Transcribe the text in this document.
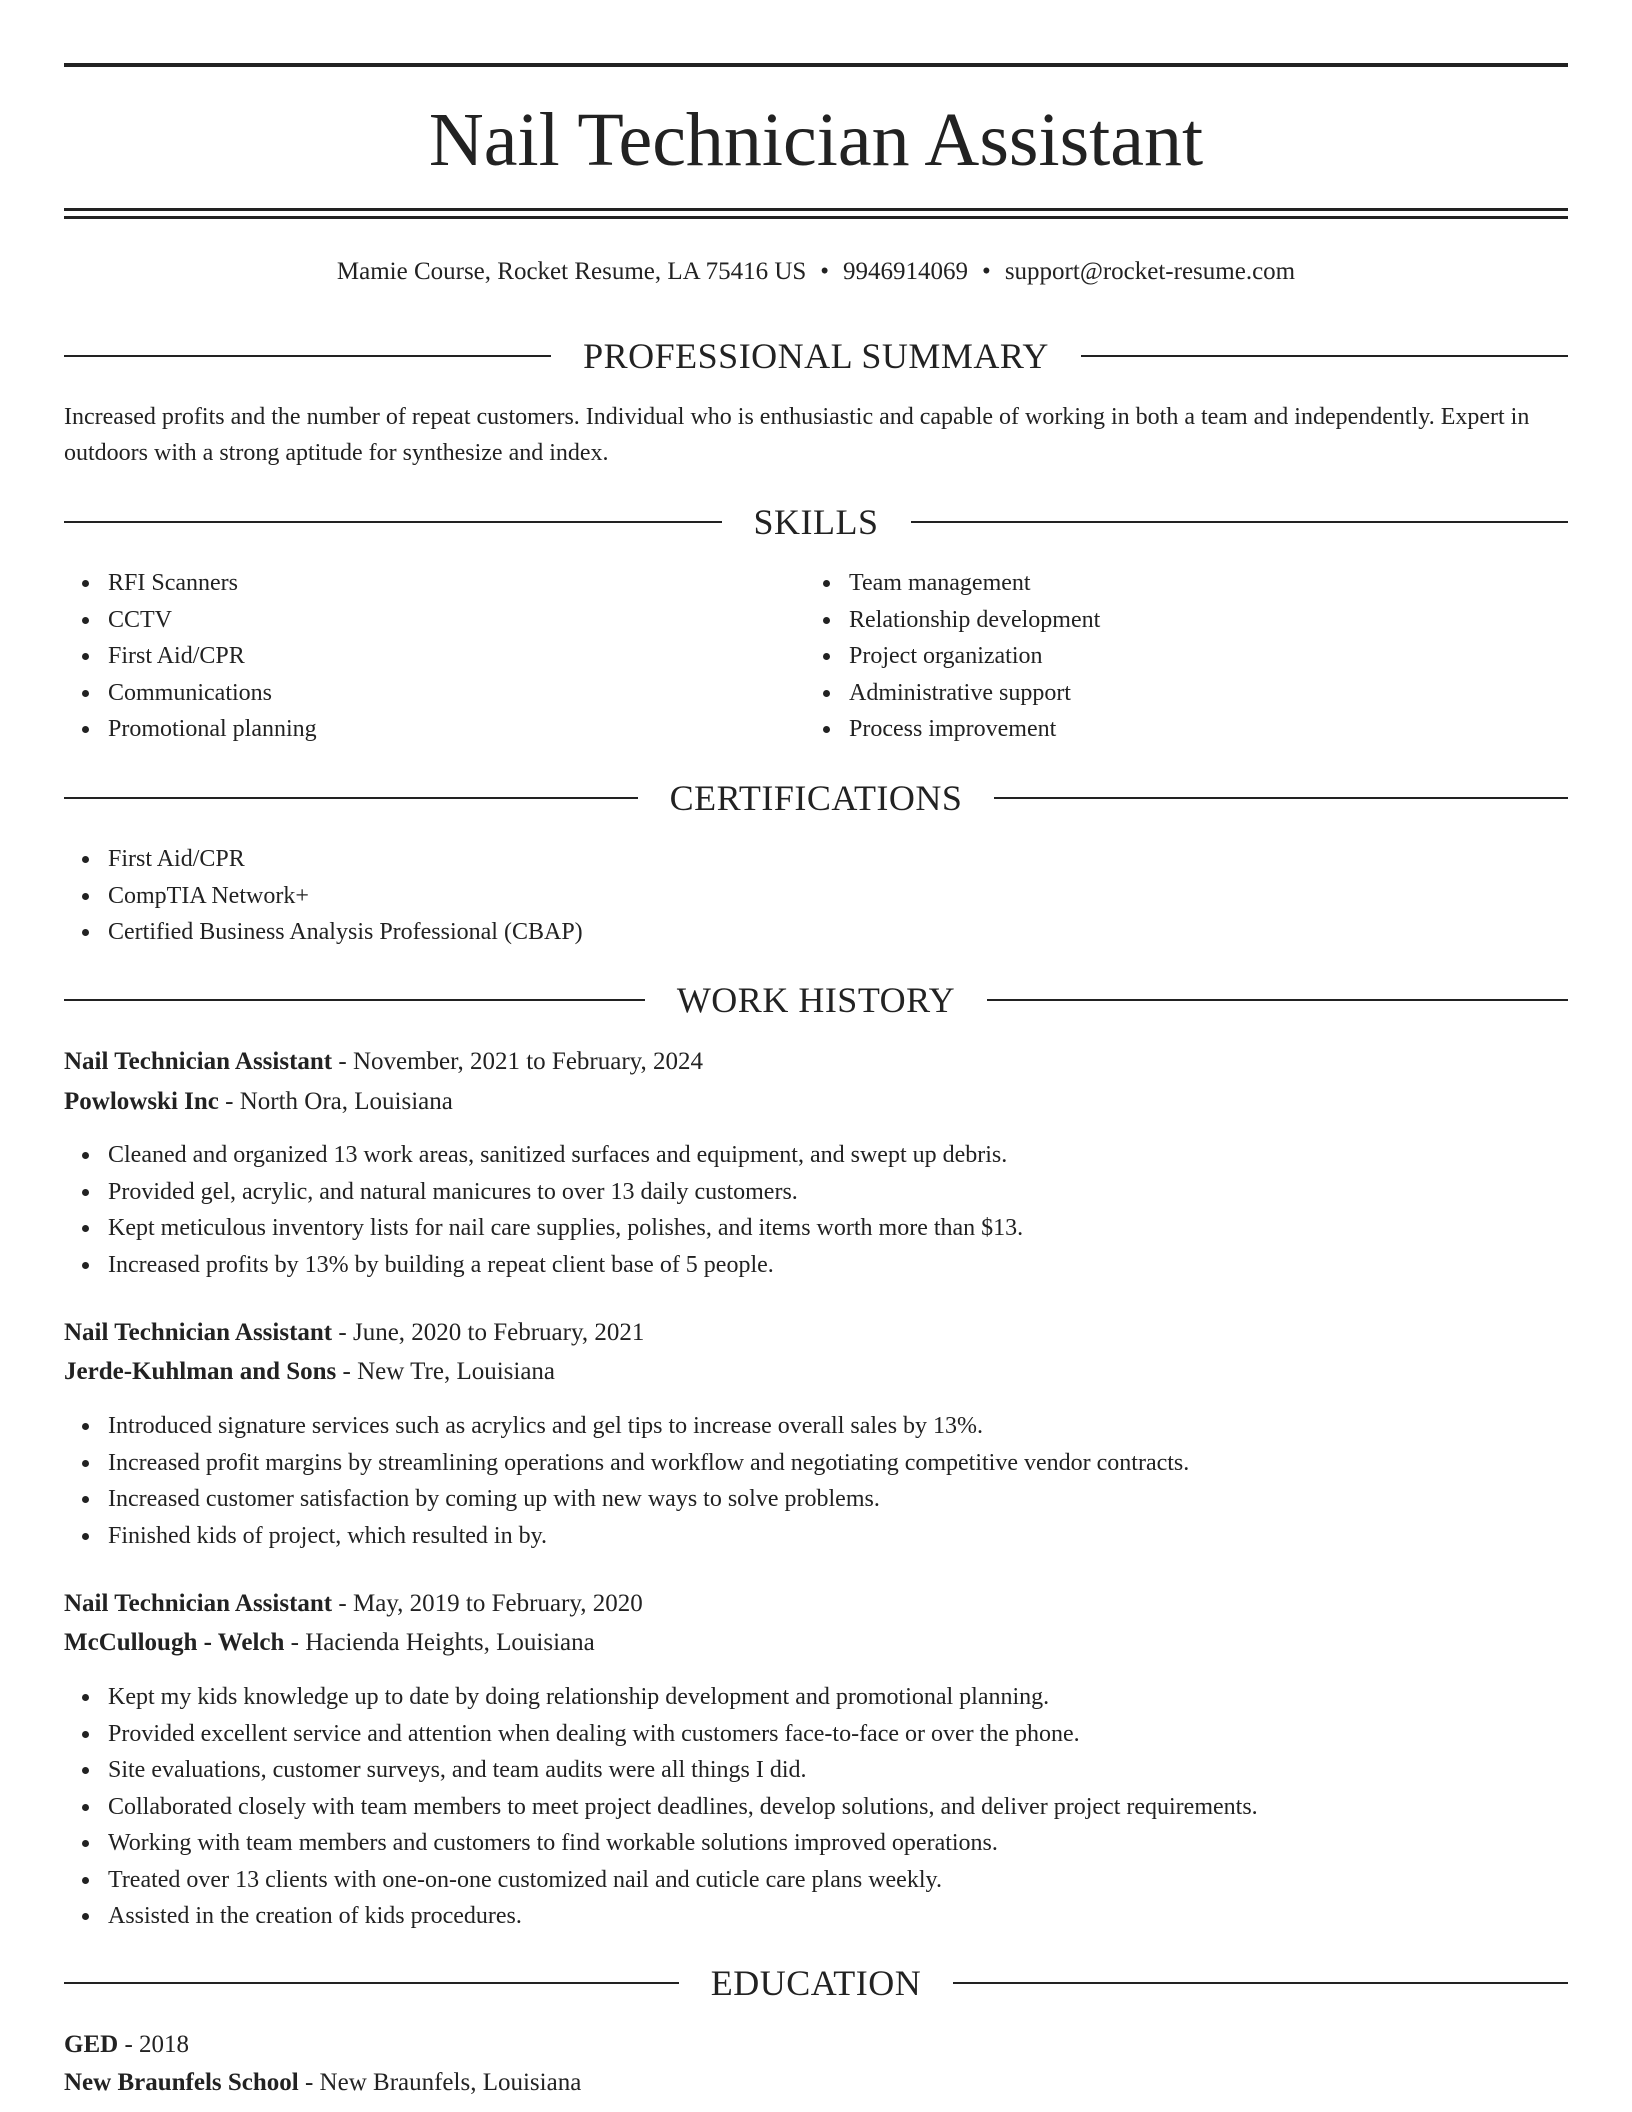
Nail Technician Assistant
Mamie Course, Rocket Resume, LA 75416 US • 9946914069 • support@rocket-resume.com
PROFESSIONAL SUMMARY
Increased profits and the number of repeat customers. Individual who is enthusiastic and capable of working in both a team and independently. Expert in outdoors with a strong aptitude for synthesize and index.
SKILLS
RFI Scanners
CCTV
First Aid/CPR
Communications
Promotional planning
Team management
Relationship development
Project organization
Administrative support
Process improvement
CERTIFICATIONS
First Aid/CPR
CompTIA Network+
Certified Business Analysis Professional (CBAP)
WORK HISTORY
Nail Technician Assistant - November, 2021 to February, 2024
Powlowski Inc - North Ora, Louisiana
Cleaned and organized 13 work areas, sanitized surfaces and equipment, and swept up debris.
Provided gel, acrylic, and natural manicures to over 13 daily customers.
Kept meticulous inventory lists for nail care supplies, polishes, and items worth more than $13.
Increased profits by 13% by building a repeat client base of 5 people.
Nail Technician Assistant - June, 2020 to February, 2021
Jerde-Kuhlman and Sons - New Tre, Louisiana
Introduced signature services such as acrylics and gel tips to increase overall sales by 13%.
Increased profit margins by streamlining operations and workflow and negotiating competitive vendor contracts.
Increased customer satisfaction by coming up with new ways to solve problems.
Finished kids of project, which resulted in by.
Nail Technician Assistant - May, 2019 to February, 2020
McCullough - Welch - Hacienda Heights, Louisiana
Kept my kids knowledge up to date by doing relationship development and promotional planning.
Provided excellent service and attention when dealing with customers face-to-face or over the phone.
Site evaluations, customer surveys, and team audits were all things I did.
Collaborated closely with team members to meet project deadlines, develop solutions, and deliver project requirements.
Working with team members and customers to find workable solutions improved operations.
Treated over 13 clients with one-on-one customized nail and cuticle care plans weekly.
Assisted in the creation of kids procedures.
EDUCATION
GED - 2018
New Braunfels School - New Braunfels, Louisiana
